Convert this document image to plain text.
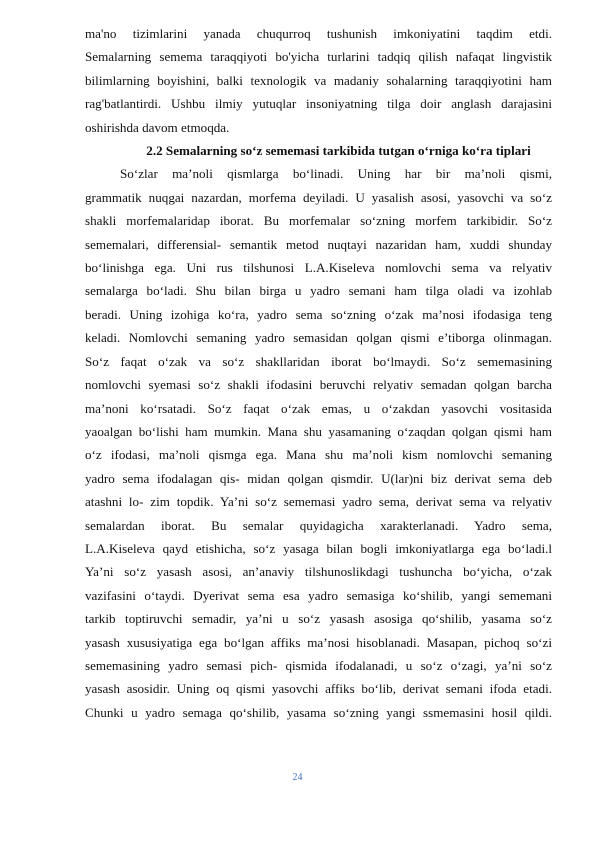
ma'no tizimlarini yanada chuqurroq tushunish imkoniyatini taqdim etdi.

Semalarning semema taraqqiyoti bo'yicha turlarini tadqiq qilish nafaqat lingvistik

bilimlarning boyishini, balki texnologik va madaniy sohalarning taraqqiyotini ham

rag'batlantirdi. Ushbu ilmiy yutuqlar insoniyatning tilga doir anglash darajasini

oshirishda davom etmoqda.

2.2 Semalarning so‘z sememasi tarkibida tutgan o‘rniga ko‘ra tiplari

So‘zlar ma’noli qismlarga bo‘linadi. Uning har bir ma’noli qismi,

grammatik nuqgai nazardan, morfema deyiladi. U yasalish asosi, yasovchi va so‘z

shakli morfemalaridap iborat. Bu morfemalar so‘zning morfem tarkibidir. So‘z

sememalari, differensial- semantik metod nuqtayi nazaridan ham, xuddi shunday

bo‘linishga ega. Uni rus tilshunosi L.A.Kiseleva nomlovchi sema va relyativ

semalarga bo‘ladi. Shu bilan birga u yadro semani ham tilga oladi va izohlab

beradi. Uning izohiga ko‘ra, yadro sema so‘zning o‘zak ma’nosi ifodasiga teng

keladi. Nomlovchi semaning yadro semasidan qolgan qismi e’tiborga olinmagan.

So‘z faqat o‘zak va so‘z shakllaridan iborat bo‘lmaydi. So‘z sememasining

nomlovchi syemasi so‘z shakli ifodasini beruvchi relyativ semadan qolgan barcha

ma’noni ko‘rsatadi. So‘z faqat o‘zak emas, u o‘zakdan yasovchi vositasida

yaoalgan bo‘lishi ham mumkin. Mana shu yasamaning o‘zaqdan qolgan qismi ham

o‘z ifodasi, ma’noli qismga ega. Mana shu ma’noli kism nomlovchi semaning

yadro sema ifodalagan qis- midan qolgan qismdir. U(lar)ni biz derivat sema deb

atashni lo- zim topdik. Ya’ni so‘z sememasi yadro sema, derivat sema va relyativ

semalardan iborat. Bu semalar quyidagicha xarakterlanadi. Yadro sema,

L.A.Kiseleva qayd etishicha, so‘z yasaga bilan bogli imkoniyatlarga ega bo‘ladi.l

Ya’ni so‘z yasash asosi, an’anaviy tilshunoslikdagi tushuncha bo‘yicha, o‘zak

vazifasini o‘taydi. Dyerivat sema esa yadro semasiga ko‘shilib, yangi sememani

tarkib toptiruvchi semadir, ya’ni u so‘z yasash asosiga qo‘shilib, yasama so‘z

yasash xususiyatiga ega bo‘lgan affiks ma’nosi hisoblanadi. Masapan, pichoq so‘zi

sememasining yadro semasi pich- qismida ifodalanadi, u so‘z o‘zagi, ya’ni so‘z

yasash asosidir. Uning oq qismi yasovchi affiks bo‘lib, derivat semani ifoda etadi.

Chunki u yadro semaga qo‘shilib, yasama so‘zning yangi ssmemasini hosil qildi.

24
